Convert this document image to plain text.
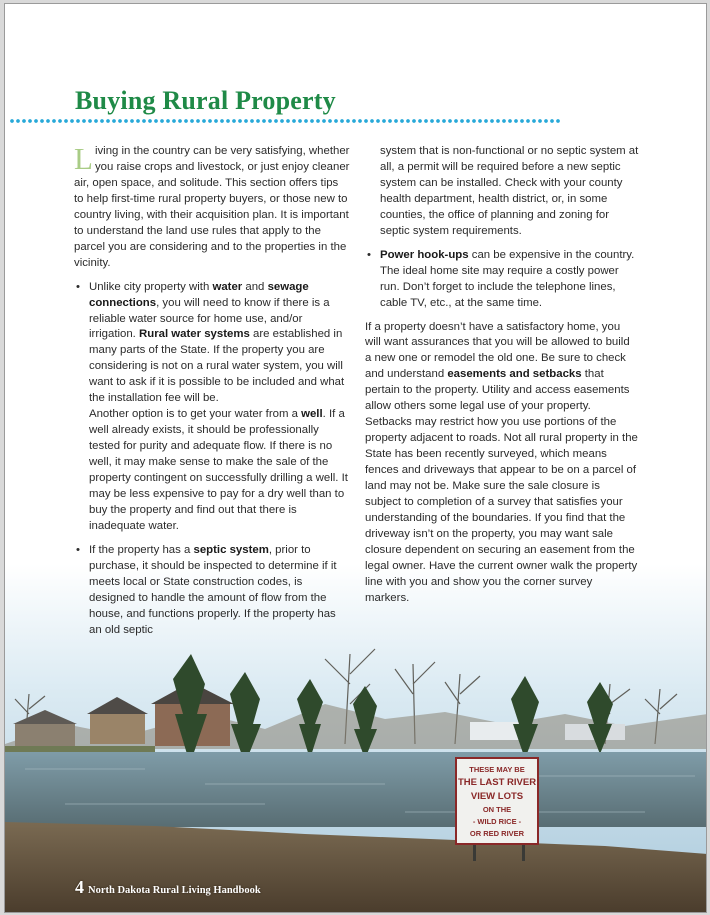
THESE MAY BE
THE LAST RIVER
VIEW LOTS
ON THE
- WILD RICE -
OR RED RIVER
Buying Rural Property

Living in the country can be very satisfying, whether you raise crops and livestock, or just enjoy cleaner air, open space, and solitude. This section offers tips to help first-time rural property buyers, or those new to country living, with their acquisition plan. It is important to understand the land use rules that apply to the parcel you are considering and to the properties in the vicinity.

• Unlike city property with water and sewage connections, you will need to know if there is a reliable water source for home use, and/or irrigation. Rural water systems are established in many parts of the State. If the property you are considering is not on a rural water system, you will want to ask if it is possible to be included and what the installation fee will be.

Another option is to get your water from a well. If a well already exists, it should be professionally tested for purity and adequate flow. If there is no well, it may make sense to make the sale of the property contingent on successfully drilling a well. It may be less expensive to pay for a dry well than to buy the property and find out that there is inadequate water.

• If the property has a septic system, prior to purchase, it should be inspected to determine if it meets local or State construction codes, is designed to handle the amount of flow from the house, and functions properly. If the property has an old septic

system that is non-functional or no septic system at all, a permit will be required before a new septic system can be installed. Check with your county health department, health district, or, in some counties, the office of planning and zoning for septic system requirements.

• Power hook-ups can be expensive in the country. The ideal home site may require a costly power run. Don’t forget to include the telephone lines, cable TV, etc., at the same time.

If a property doesn’t have a satisfactory home, you will want assurances that you will be allowed to build a new one or remodel the old one. Be sure to check and understand easements and setbacks that pertain to the property. Utility and access easements allow others some legal use of your property. Setbacks may restrict how you use portions of the property adjacent to roads. Not all rural property in the State has been recently surveyed, which means fences and driveways that appear to be on a parcel of land may not be. Make sure the sale closure is subject to completion of a survey that satisfies your understanding of the boundaries. If you find that the driveway isn’t on the property, you may want sale closure dependent on securing an easement from the legal owner. Have the current owner walk the property line with you and show you the corner survey markers.

4 North Dakota Rural Living Handbook
